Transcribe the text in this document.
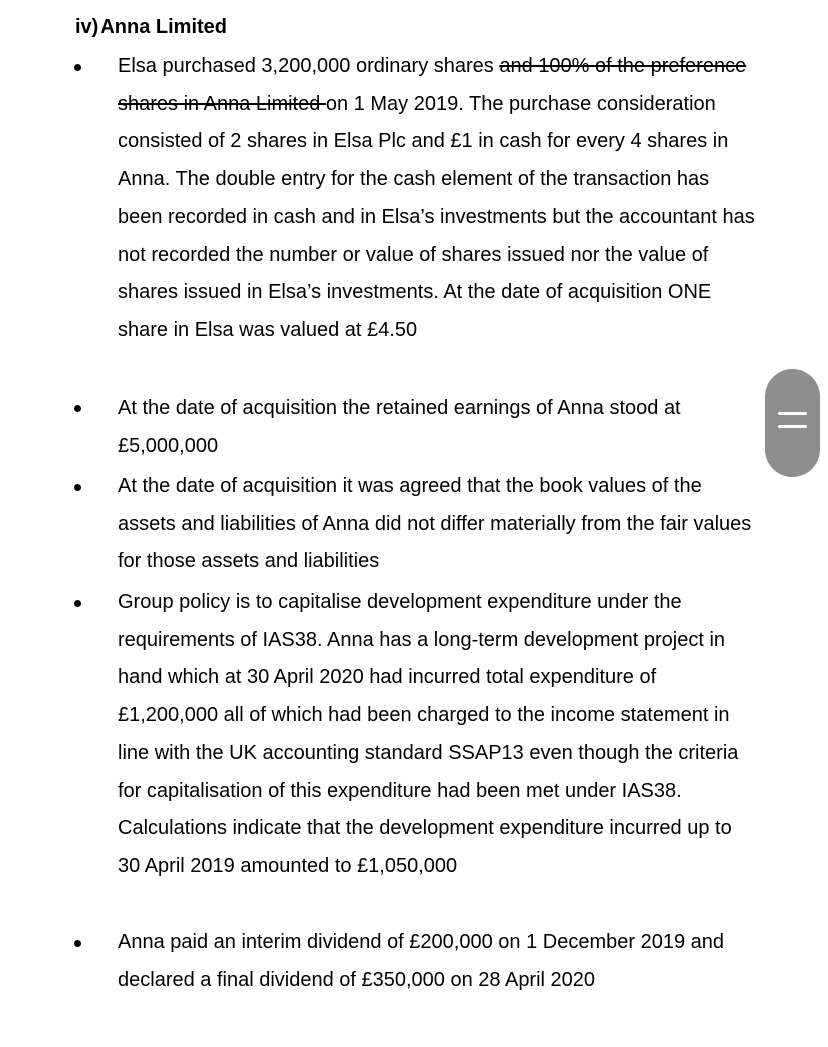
iv) Anna Limited
Elsa purchased 3,200,000 ordinary shares and 100% of the preference shares in Anna Limited on 1 May 2019. The purchase consideration consisted of 2 shares in Elsa Plc and £1 in cash for every 4 shares in Anna. The double entry for the cash element of the transaction has been recorded in cash and in Elsa’s investments but the accountant has not recorded the number or value of shares issued nor the value of shares issued in Elsa’s investments. At the date of acquisition ONE share in Elsa was valued at £4.50
At the date of acquisition the retained earnings of Anna stood at £5,000,000
At the date of acquisition it was agreed that the book values of the assets and liabilities of Anna did not differ materially from the fair values for those assets and liabilities
Group policy is to capitalise development expenditure under the requirements of IAS38. Anna has a long-term development project in hand which at 30 April 2020 had incurred total expenditure of £1,200,000 all of which had been charged to the income statement in line with the UK accounting standard SSAP13 even though the criteria for capitalisation of this expenditure had been met under IAS38. Calculations indicate that the development expenditure incurred up to 30 April 2019 amounted to £1,050,000
Anna paid an interim dividend of £200,000 on 1 December 2019 and declared a final dividend of £350,000 on 28 April 2020
